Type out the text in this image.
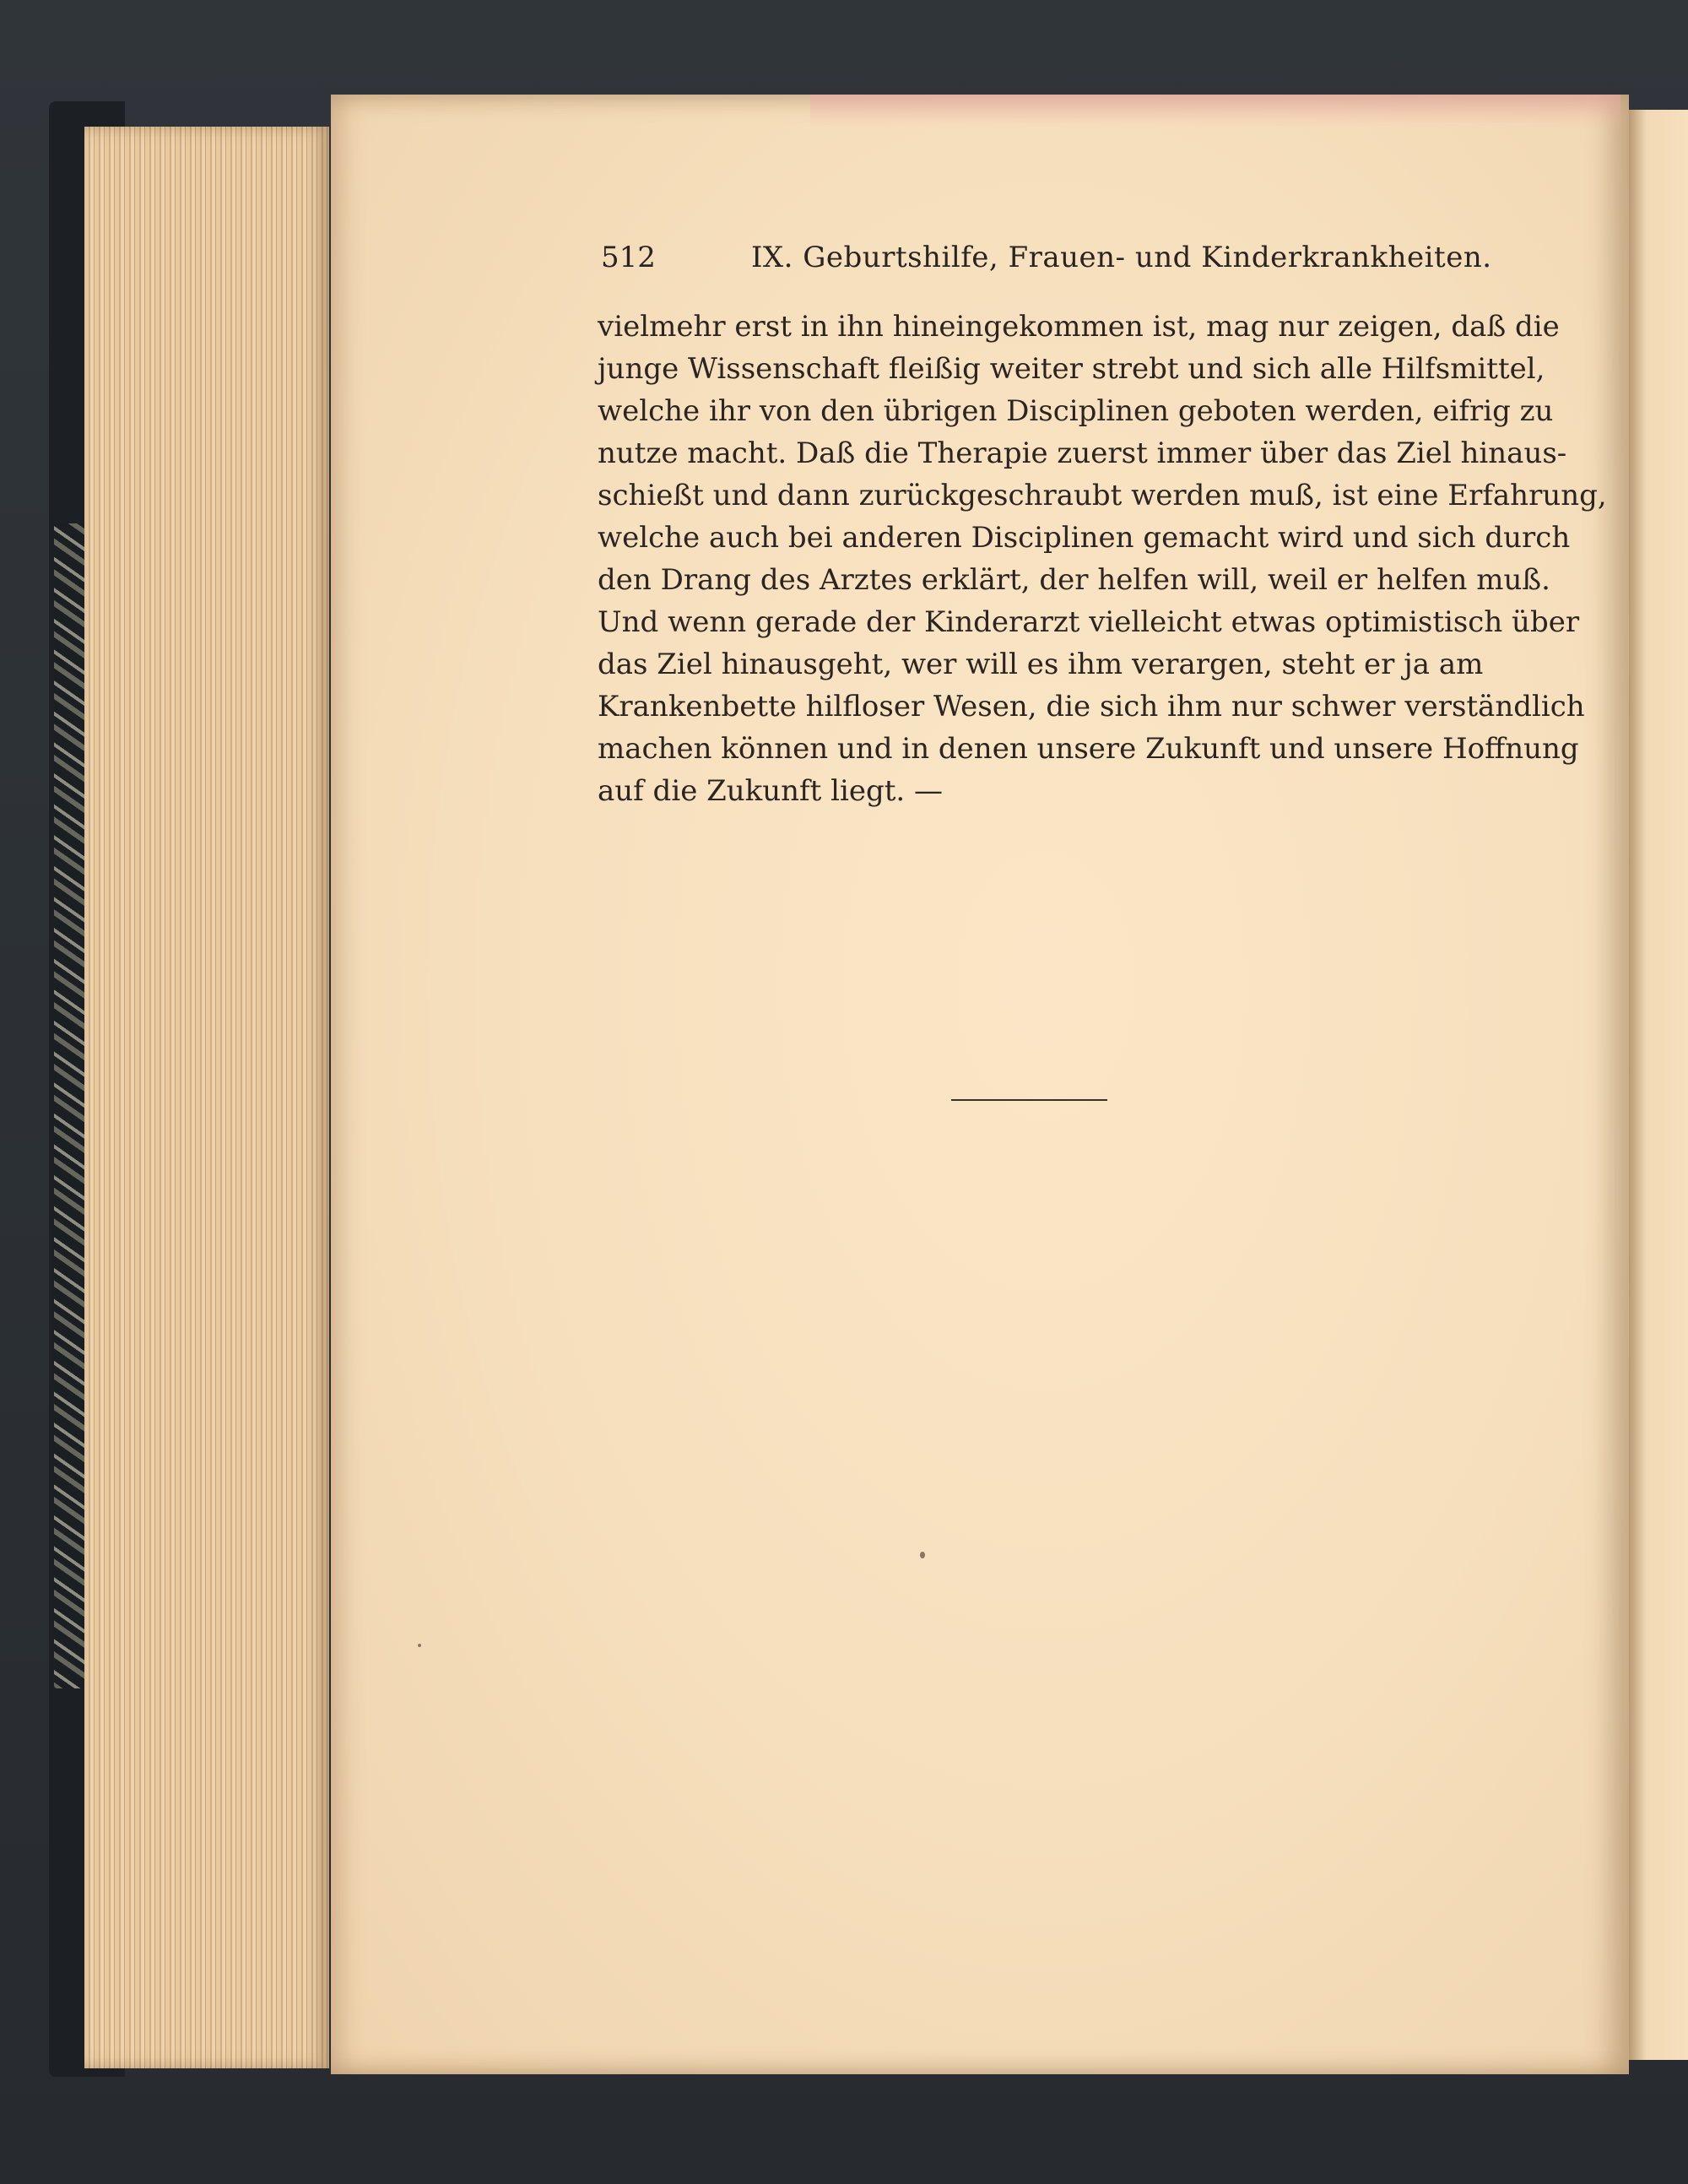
512	IX. Geburtshilfe, Frauen- und Kinderkrankheiten.
vielmehr erst in ihn hineingekommen ist, mag nur zeigen, daß die
junge Wissenschaft fleißig weiter strebt und sich alle Hilfsmittel,
welche ihr von den übrigen Disciplinen geboten werden, eifrig zu
nutze macht. Daß die Therapie zuerst immer über das Ziel hinaus-
schießt und dann zurückgeschraubt werden muß, ist eine Erfahrung,
welche auch bei anderen Disciplinen gemacht wird und sich durch
den Drang des Arztes erklärt, der helfen will, weil er helfen muß.
Und wenn gerade der Kinderarzt vielleicht etwas optimistisch über
das Ziel hinausgeht, wer will es ihm verargen, steht er ja am
Krankenbette hilfloser Wesen, die sich ihm nur schwer verständlich
machen können und in denen unsere Zukunft und unsere Hoffnung
auf die Zukunft liegt. —
